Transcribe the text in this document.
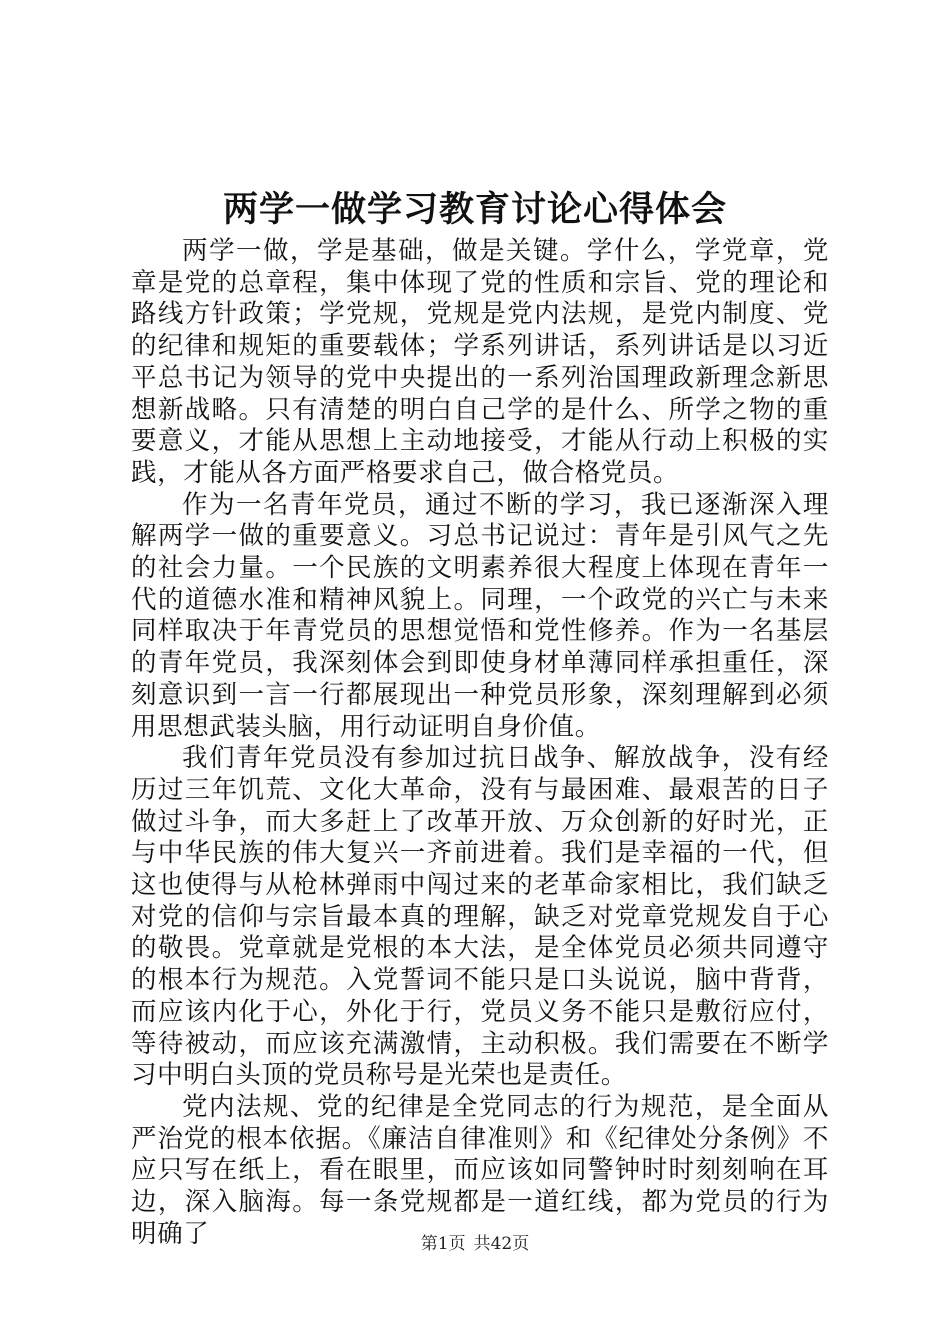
两学一做学习教育讨论心得体会

两学一做，学是基础，做是关键。学什么，学党章，党章是党的总章程，集中体现了党的性质和宗旨、党的理论和路线方针政策；学党规，党规是党内法规，是党内制度、党的纪律和规矩的重要载体；学系列讲话，系列讲话是以习近平总书记为领导的党中央提出的一系列治国理政新理念新思想新战略。只有清楚的明白自己学的是什么、所学之物的重要意义，才能从思想上主动地接受，才能从行动上积极的实践，才能从各方面严格要求自己，做合格党员。

作为一名青年党员，通过不断的学习，我已逐渐深入理解两学一做的重要意义。习总书记说过：青年是引风气之先的社会力量。一个民族的文明素养很大程度上体现在青年一代的道德水准和精神风貌上。同理，一个政党的兴亡与未来同样取决于年青党员的思想觉悟和党性修养。作为一名基层的青年党员，我深刻体会到即使身材单薄同样承担重任，深刻意识到一言一行都展现出一种党员形象，深刻理解到必须用思想武装头脑，用行动证明自身价值。

我们青年党员没有参加过抗日战争、解放战争，没有经历过三年饥荒、文化大革命，没有与最困难、最艰苦的日子做过斗争，而大多赶上了改革开放、万众创新的好时光，正与中华民族的伟大复兴一齐前进着。我们是幸福的一代，但这也使得与从枪林弹雨中闯过来的老革命家相比，我们缺乏对党的信仰与宗旨最本真的理解，缺乏对党章党规发自于心的敬畏。党章就是党根的本大法，是全体党员必须共同遵守的根本行为规范。入党誓词不能只是口头说说，脑中背背，而应该内化于心，外化于行，党员义务不能只是敷衍应付，等待被动，而应该充满激情，主动积极。我们需要在不断学习中明白头顶的党员称号是光荣也是责任。

党内法规、党的纪律是全党同志的行为规范，是全面从严治党的根本依据。《廉洁自律准则》和《纪律处分条例》不应只写在纸上，看在眼里，而应该如同警钟时时刻刻响在耳边，深入脑海。每一条党规都是一道红线，都为党员的行为明确了	第1页 共42页
